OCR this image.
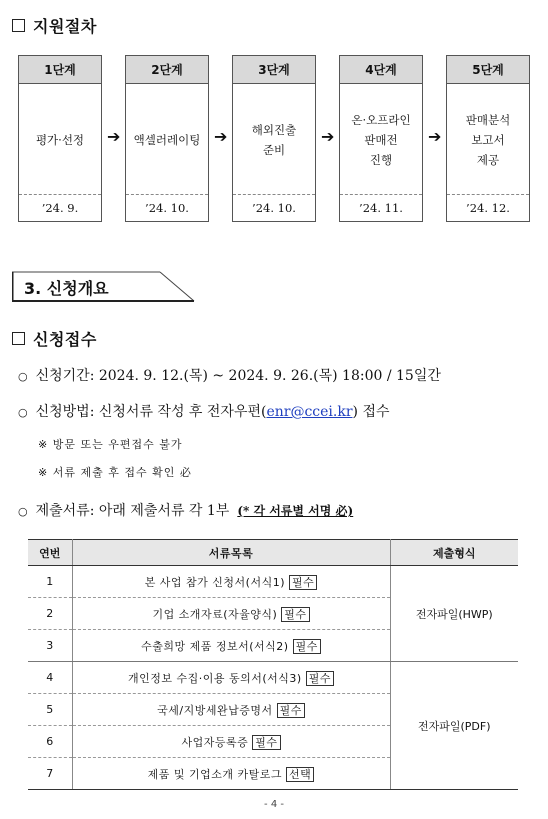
지원절차
1단계
평가·선정
’24. 9.
➔
2단계
액셀러레이팅
’24. 10.
➔
3단계
해외진출
준비
’24. 10.
➔
4단계
온·오프라인
판매전
진행
’24. 11.
➔
5단계
판매분석
보고서
제공
’24. 12.
3. 신청개요
신청접수
○ 신청기간: 2024. 9. 12.(목) ~ 2024. 9. 26.(목) 18:00 / 15일간
○ 신청방법: 신청서류 작성 후 전자우편( enr@ccei.kr ) 접수
※ 방문 또는 우편접수 불가
※ 서류 제출 후 접수 확인 必
○ 제출서류: 아래 제출서류 각 1부 (* 각 서류별 서명 必)
연번	서류목록	제출형식
1	본 사업 참가 신청서(서식1) 필수	전자파일(HWP)
2	기업 소개자료(자율양식) 필수	
3	수출희망 제품 정보서(서식2) 필수	
4	개인정보 수집·이용 동의서(서식3) 필수	전자파일(PDF)
5	국세/지방세완납증명서 필수	
6	사업자등록증 필수	
7	제품 및 기업소개 카탈로그 선택	
- 4 -
